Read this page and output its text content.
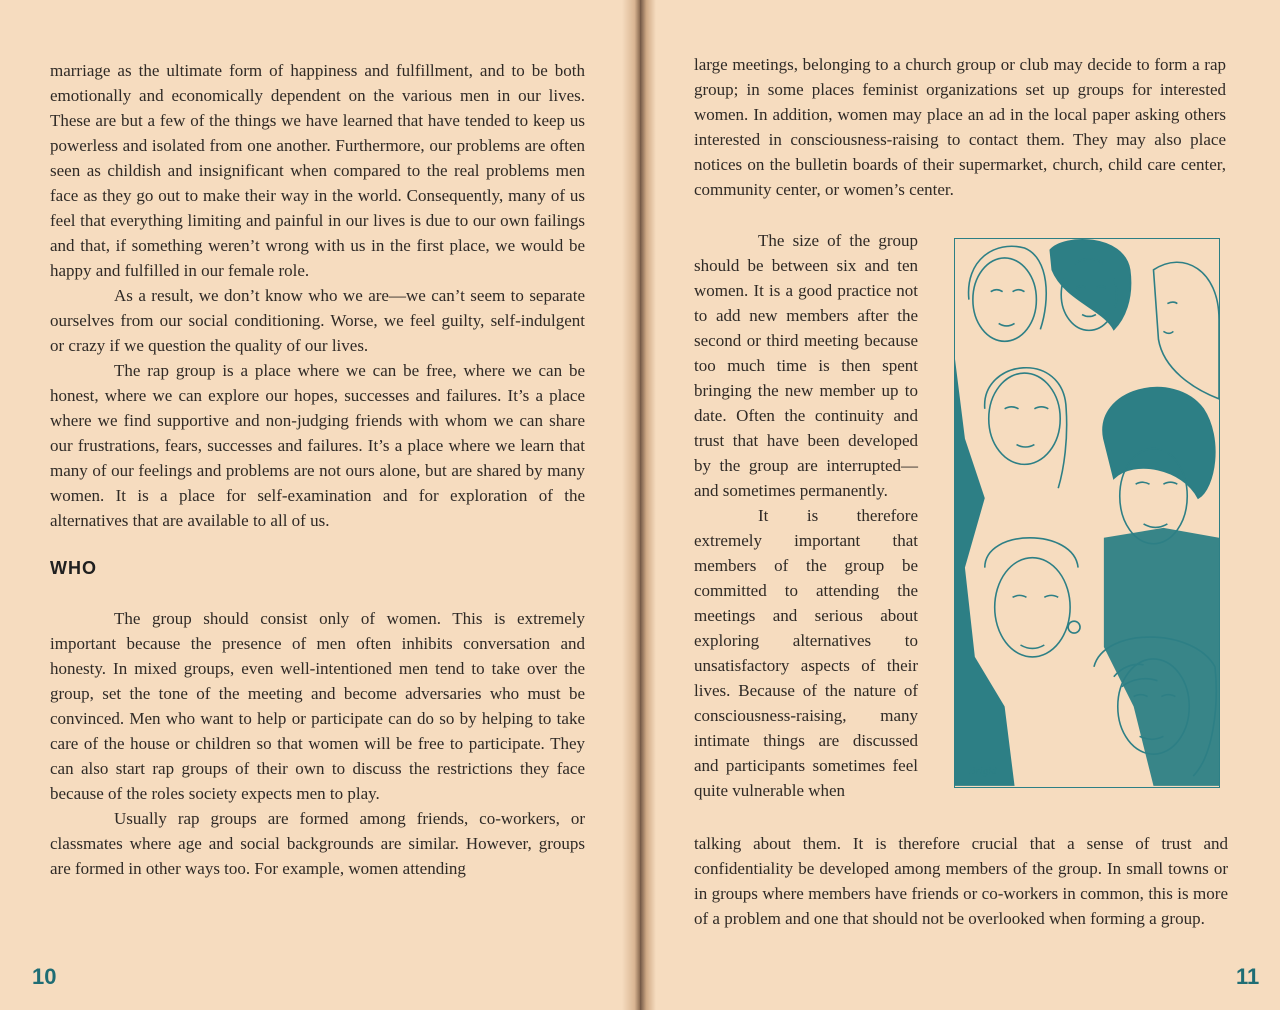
marriage as the ultimate form of happiness and fulfillment, and to be both emotionally and economically dependent on the various men in our lives. These are but a few of the things we have learned that have tended to keep us powerless and isolated from one another. Furthermore, our problems are often seen as childish and insignificant when compared to the real problems men face as they go out to make their way in the world. Consequently, many of us feel that everything limiting and painful in our lives is due to our own failings and that, if something weren’t wrong with us in the first place, we would be happy and fulfilled in our female role.

As a result, we don’t know who we are—we can’t seem to separate ourselves from our social conditioning. Worse, we feel guilty, self-indulgent or crazy if we question the quality of our lives.

The rap group is a place where we can be free, where we can be honest, where we can explore our hopes, successes and failures. It’s a place where we find supportive and non-judging friends with whom we can share our frustrations, fears, successes and failures. It’s a place where we learn that many of our feelings and problems are not ours alone, but are shared by many women. It is a place for self-examination and for exploration of the alternatives that are available to all of us.

WHO

The group should consist only of women. This is extremely important because the presence of men often inhibits conversation and honesty. In mixed groups, even well-intentioned men tend to take over the group, set the tone of the meeting and become adversaries who must be convinced. Men who want to help or participate can do so by helping to take care of the house or children so that women will be free to participate. They can also start rap groups of their own to discuss the restrictions they face because of the roles society expects men to play.

Usually rap groups are formed among friends, co-workers, or classmates where age and social backgrounds are similar. However, groups are formed in other ways too. For example, women attending

10

large meetings, belonging to a church group or club may decide to form a rap group; in some places feminist organizations set up groups for interested women. In addition, women may place an ad in the local paper asking others interested in consciousness-raising to contact them. They may also place notices on the bulletin boards of their supermarket, church, child care center, community center, or women’s center.

The size of the group should be between six and ten women. It is a good practice not to add new members after the second or third meeting because too much time is then spent bringing the new member up to date. Often the continuity and trust that have been developed by the group are interrupted—and sometimes permanently.

It is therefore extremely important that members of the group be committed to attending the meetings and serious about exploring alternatives to unsatisfactory aspects of their lives. Because of the nature of consciousness-raising, many intimate things are discussed and participants sometimes feel quite vulnerable when

Brigid

talking about them. It is therefore crucial that a sense of trust and confidentiality be developed among members of the group. In small towns or in groups where members have friends or co-workers in common, this is more of a problem and one that should not be overlooked when forming a group.

11
